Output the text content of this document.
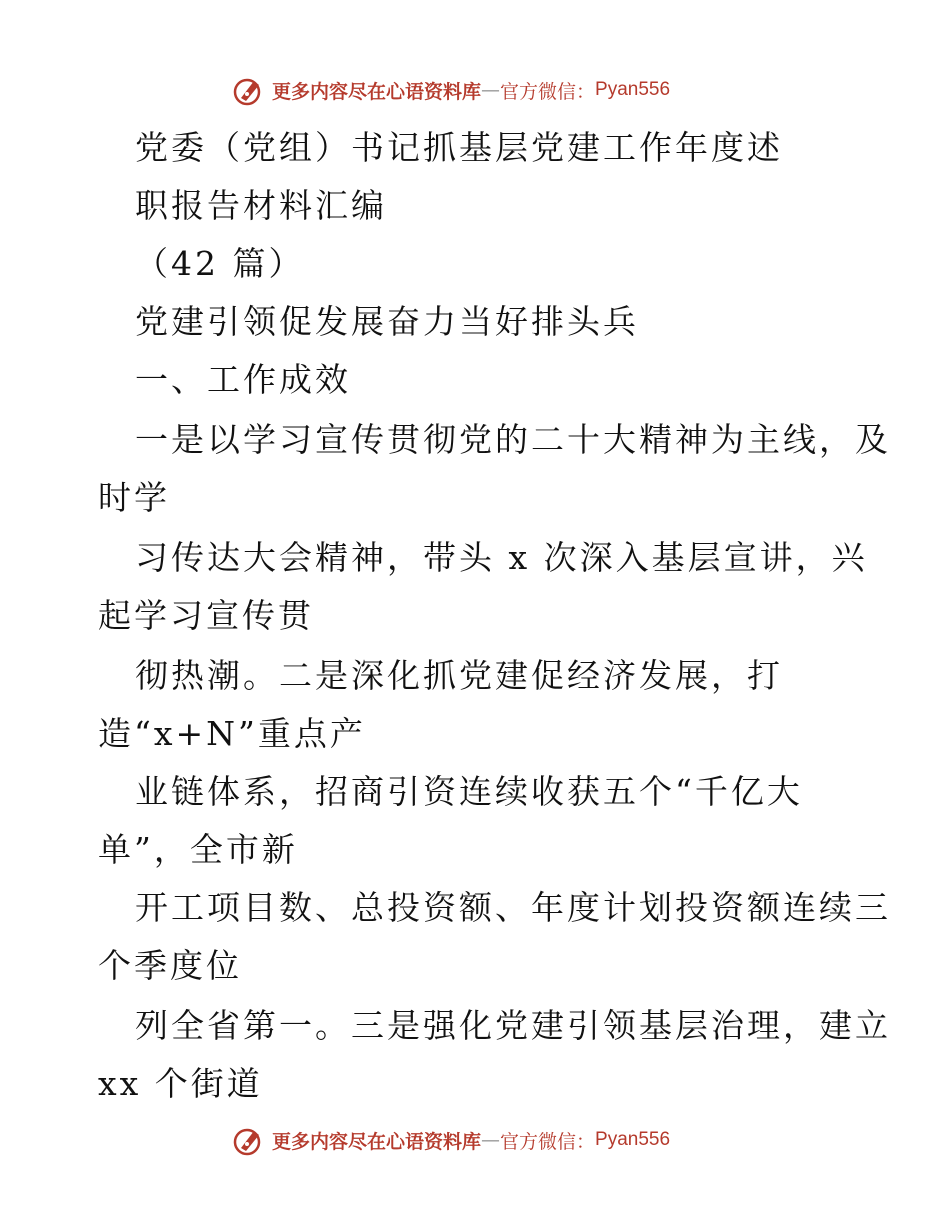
更多内容尽在心语资料库 — 官方微信： Pyan556
党委（党组）书记抓基层党建工作年度述
职报告材料汇编
（42 篇）
党建引领促发展奋力当好排头兵
一、工作成效
一是以学习宣传贯彻党的二十大精神为主线，及
时学
习传达大会精神，带头 x 次深入基层宣讲，兴
起学习宣传贯
彻热潮。二是深化抓党建促经济发展，打
造“x+N”重点产
业链体系，招商引资连续收获五个“千亿大
单”，全市新
开工项目数、总投资额、年度计划投资额连续三
个季度位
列全省第一。三是强化党建引领基层治理，建立
xx 个街道
更多内容尽在心语资料库 — 官方微信： Pyan556
